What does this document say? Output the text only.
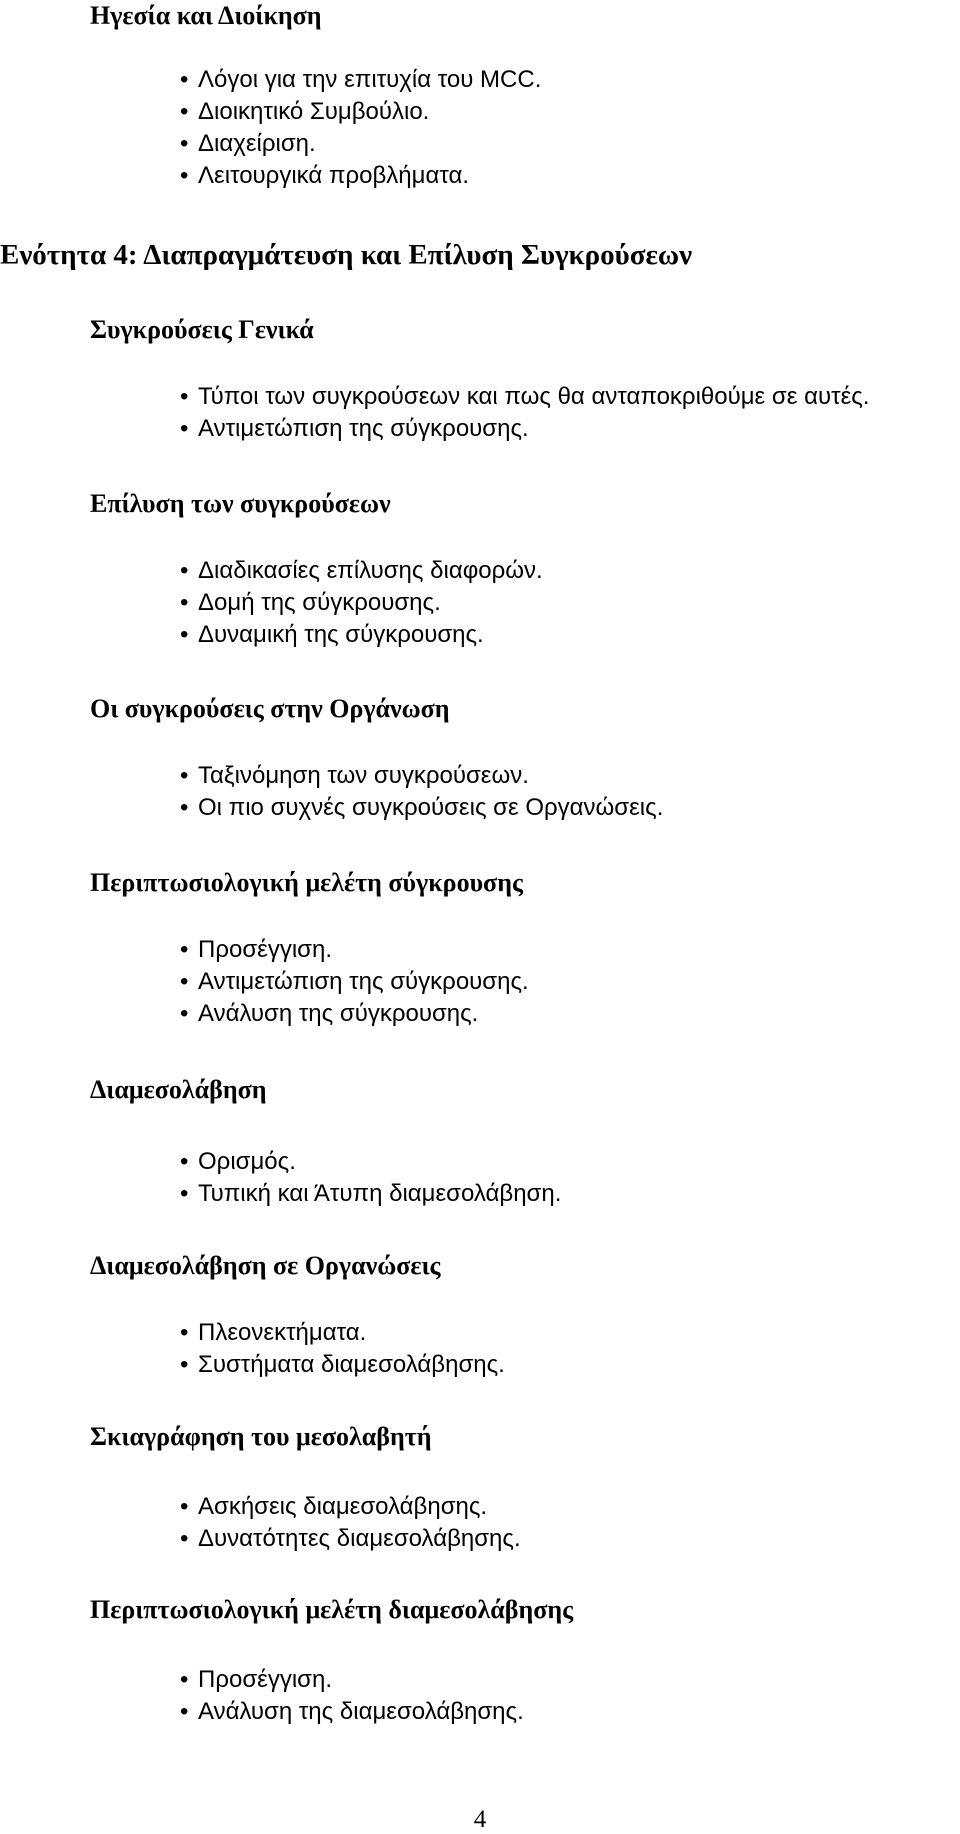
Ηγεσία και Διοίκηση
• Λόγοι για την επιτυχία του MCC.
• Διοικητικό Συμβούλιο.
• Διαχείριση.
• Λειτουργικά προβλήματα.
Ενότητα 4: Διαπραγμάτευση και Επίλυση Συγκρούσεων
Συγκρούσεις Γενικά
• Τύποι των συγκρούσεων και πως θα ανταποκριθούμε σε αυτές.
• Αντιμετώπιση της σύγκρουσης.
Επίλυση των συγκρούσεων
• Διαδικασίες επίλυσης διαφορών.
• Δομή της σύγκρουσης.
• Δυναμική της σύγκρουσης.
Οι συγκρούσεις στην Οργάνωση
• Ταξινόμηση των συγκρούσεων.
• Οι πιο συχνές συγκρούσεις σε Οργανώσεις.
Περιπτωσιολογική μελέτη σύγκρουσης
• Προσέγγιση.
• Αντιμετώπιση της σύγκρουσης.
• Ανάλυση της σύγκρουσης.
Διαμεσολάβηση
• Ορισμός.
• Τυπική και Άτυπη διαμεσολάβηση.
Διαμεσολάβηση σε Οργανώσεις
• Πλεονεκτήματα.
• Συστήματα διαμεσολάβησης.
Σκιαγράφηση του μεσολαβητή
• Ασκήσεις διαμεσολάβησης.
• Δυνατότητες διαμεσολάβησης.
Περιπτωσιολογική μελέτη διαμεσολάβησης
• Προσέγγιση.
• Ανάλυση της διαμεσολάβησης.
4
